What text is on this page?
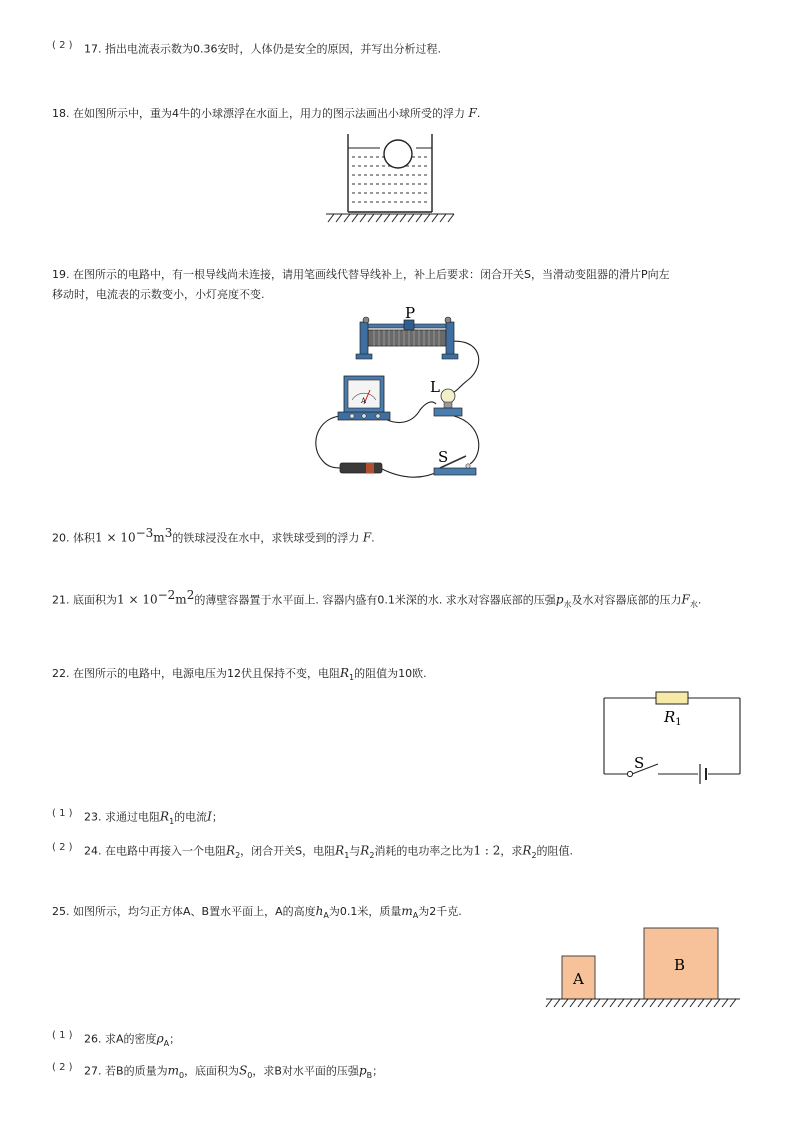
( 2 ) 17. 指出电流表示数为0.36安时，人体仍是安全的原因，并写出分析过程.
18. 在如图所示中，重为4牛的小球漂浮在水面上，用力的图示法画出小球所受的浮力 F.
19. 在图所示的电路中，有一根导线尚未连接，请用笔画线代替导线补上，补上后要求：闭合开关S，当滑动变阻器的滑片P向左
移动时，电流表的示数变小，小灯亮度不变.
P
A
L
S
20. 体积$1 \times 10^{-3}m^3$的铁球浸没在水中，求铁球受到的浮力 F.
21. 底面积为$1 \times 10^{-2}m^2$的薄壁容器置于水平面上. 容器内盛有0.1米深的水. 求水对容器底部的压强$p_水$及水对容器底部的压力$F_水$.
22. 在图所示的电路中，电源电压为12伏且保持不变，电阻$R_1$的阻值为10欧.
$R_1$
S
( 1 ) 23. 求通过电阻$R_1$的电流I；
( 2 ) 24. 在电路中再接入一个电阻$R_2$，闭合开关S，电阻$R_1$与$R_2$消耗的电功率之比为1 : 2，求$R_2$的阻值.
25. 如图所示，均匀正方体A、B置水平面上，A的高度$h_A$为0.1米，质量$m_A$为2千克.
A
B
( 1 ) 26. 求A的密度$\rho_A$；
( 2 ) 27. 若B的质量为$m_0$，底面积为$S_0$，求B对水平面的压强$p_B$；
